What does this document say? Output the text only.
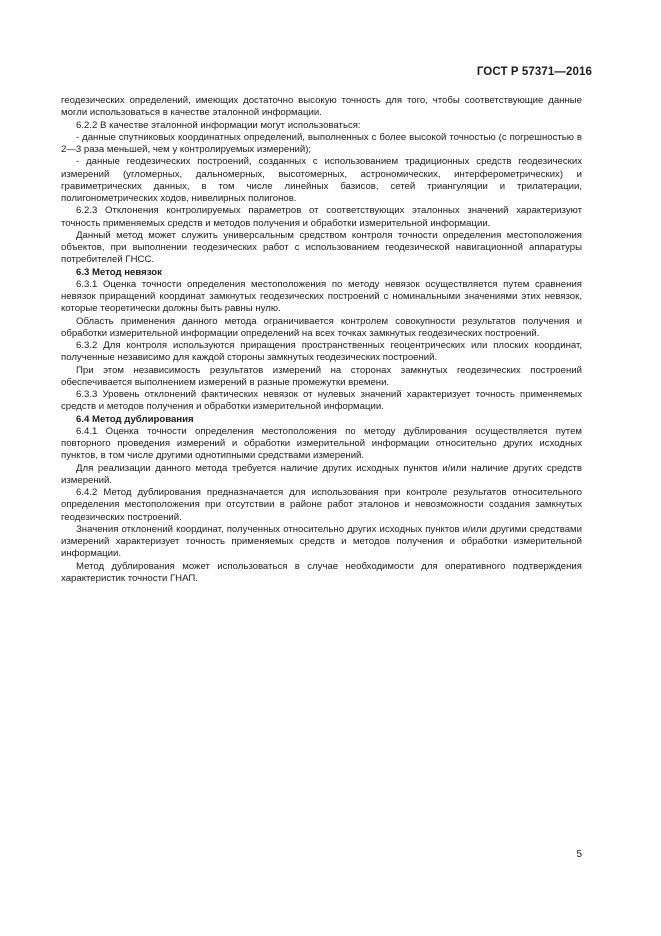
ГОСТ Р 57371—2016

геодезических определений, имеющих достаточно высокую точность для того, чтобы соответствующие данные могли использоваться в качестве эталонной информации.

6.2.2 В качестве эталонной информации могут использоваться:

- данные спутниковых координатных определений, выполненных с более высокой точностью (с погрешностью в 2—3 раза меньшей, чем у контролируемых измерений);

- данные геодезических построений, созданных с использованием традиционных средств геодезических измерений (угломерных, дальномерных, высотомерных, астрономических, интерферометрических) и гравиметрических данных, в том числе линейных базисов, сетей триангуляции и трилатерации, полигонометрических ходов, нивелирных полигонов.

6.2.3 Отклонения контролируемых параметров от соответствующих эталонных значений характеризуют точность применяемых средств и методов получения и обработки измерительной информации.

Данный метод может служить универсальным средством контроля точности определения местоположения объектов, при выполнении геодезических работ с использованием геодезической навигационной аппаратуры потребителей ГНСС.

6.3 Метод невязок

6.3.1 Оценка точности определения местоположения по методу невязок осуществляется путем сравнения невязок приращений координат замкнутых геодезических построений с номинальными значениями этих невязок, которые теоретически должны быть равны нулю.

Область применения данного метода ограничивается контролем совокупности результатов получения и обработки измерительной информации определений на всех точках замкнутых геодезических построений.

6.3.2 Для контроля используются приращения пространственных геоцентрических или плоских координат, полученные независимо для каждой стороны замкнутых геодезических построений.

При этом независимость результатов измерений на сторонах замкнутых геодезических построений обеспечивается выполнением измерений в разные промежутки времени.

6.3.3 Уровень отклонений фактических невязок от нулевых значений характеризует точность применяемых средств и методов получения и обработки измерительной информации.

6.4 Метод дублирования

6.4.1 Оценка точности определения местоположения по методу дублирования осуществляется путем повторного проведения измерений и обработки измерительной информации относительно других исходных пунктов, в том числе другими однотипными средствами измерений.

Для реализации данного метода требуется наличие других исходных пунктов и/или наличие других средств измерений.

6.4.2 Метод дублирования предназначается для использования при контроле результатов относительного определения местоположения при отсутствии в районе работ эталонов и невозможности создания замкнутых геодезических построений.

Значения отклонений координат, полученных относительно других исходных пунктов и/или другими средствами измерений характеризует точность применяемых средств и методов получения и обработки измерительной информации.

Метод дублирования может использоваться в случае необходимости для оперативного подтверждения характеристик точности ГНАП.

5
